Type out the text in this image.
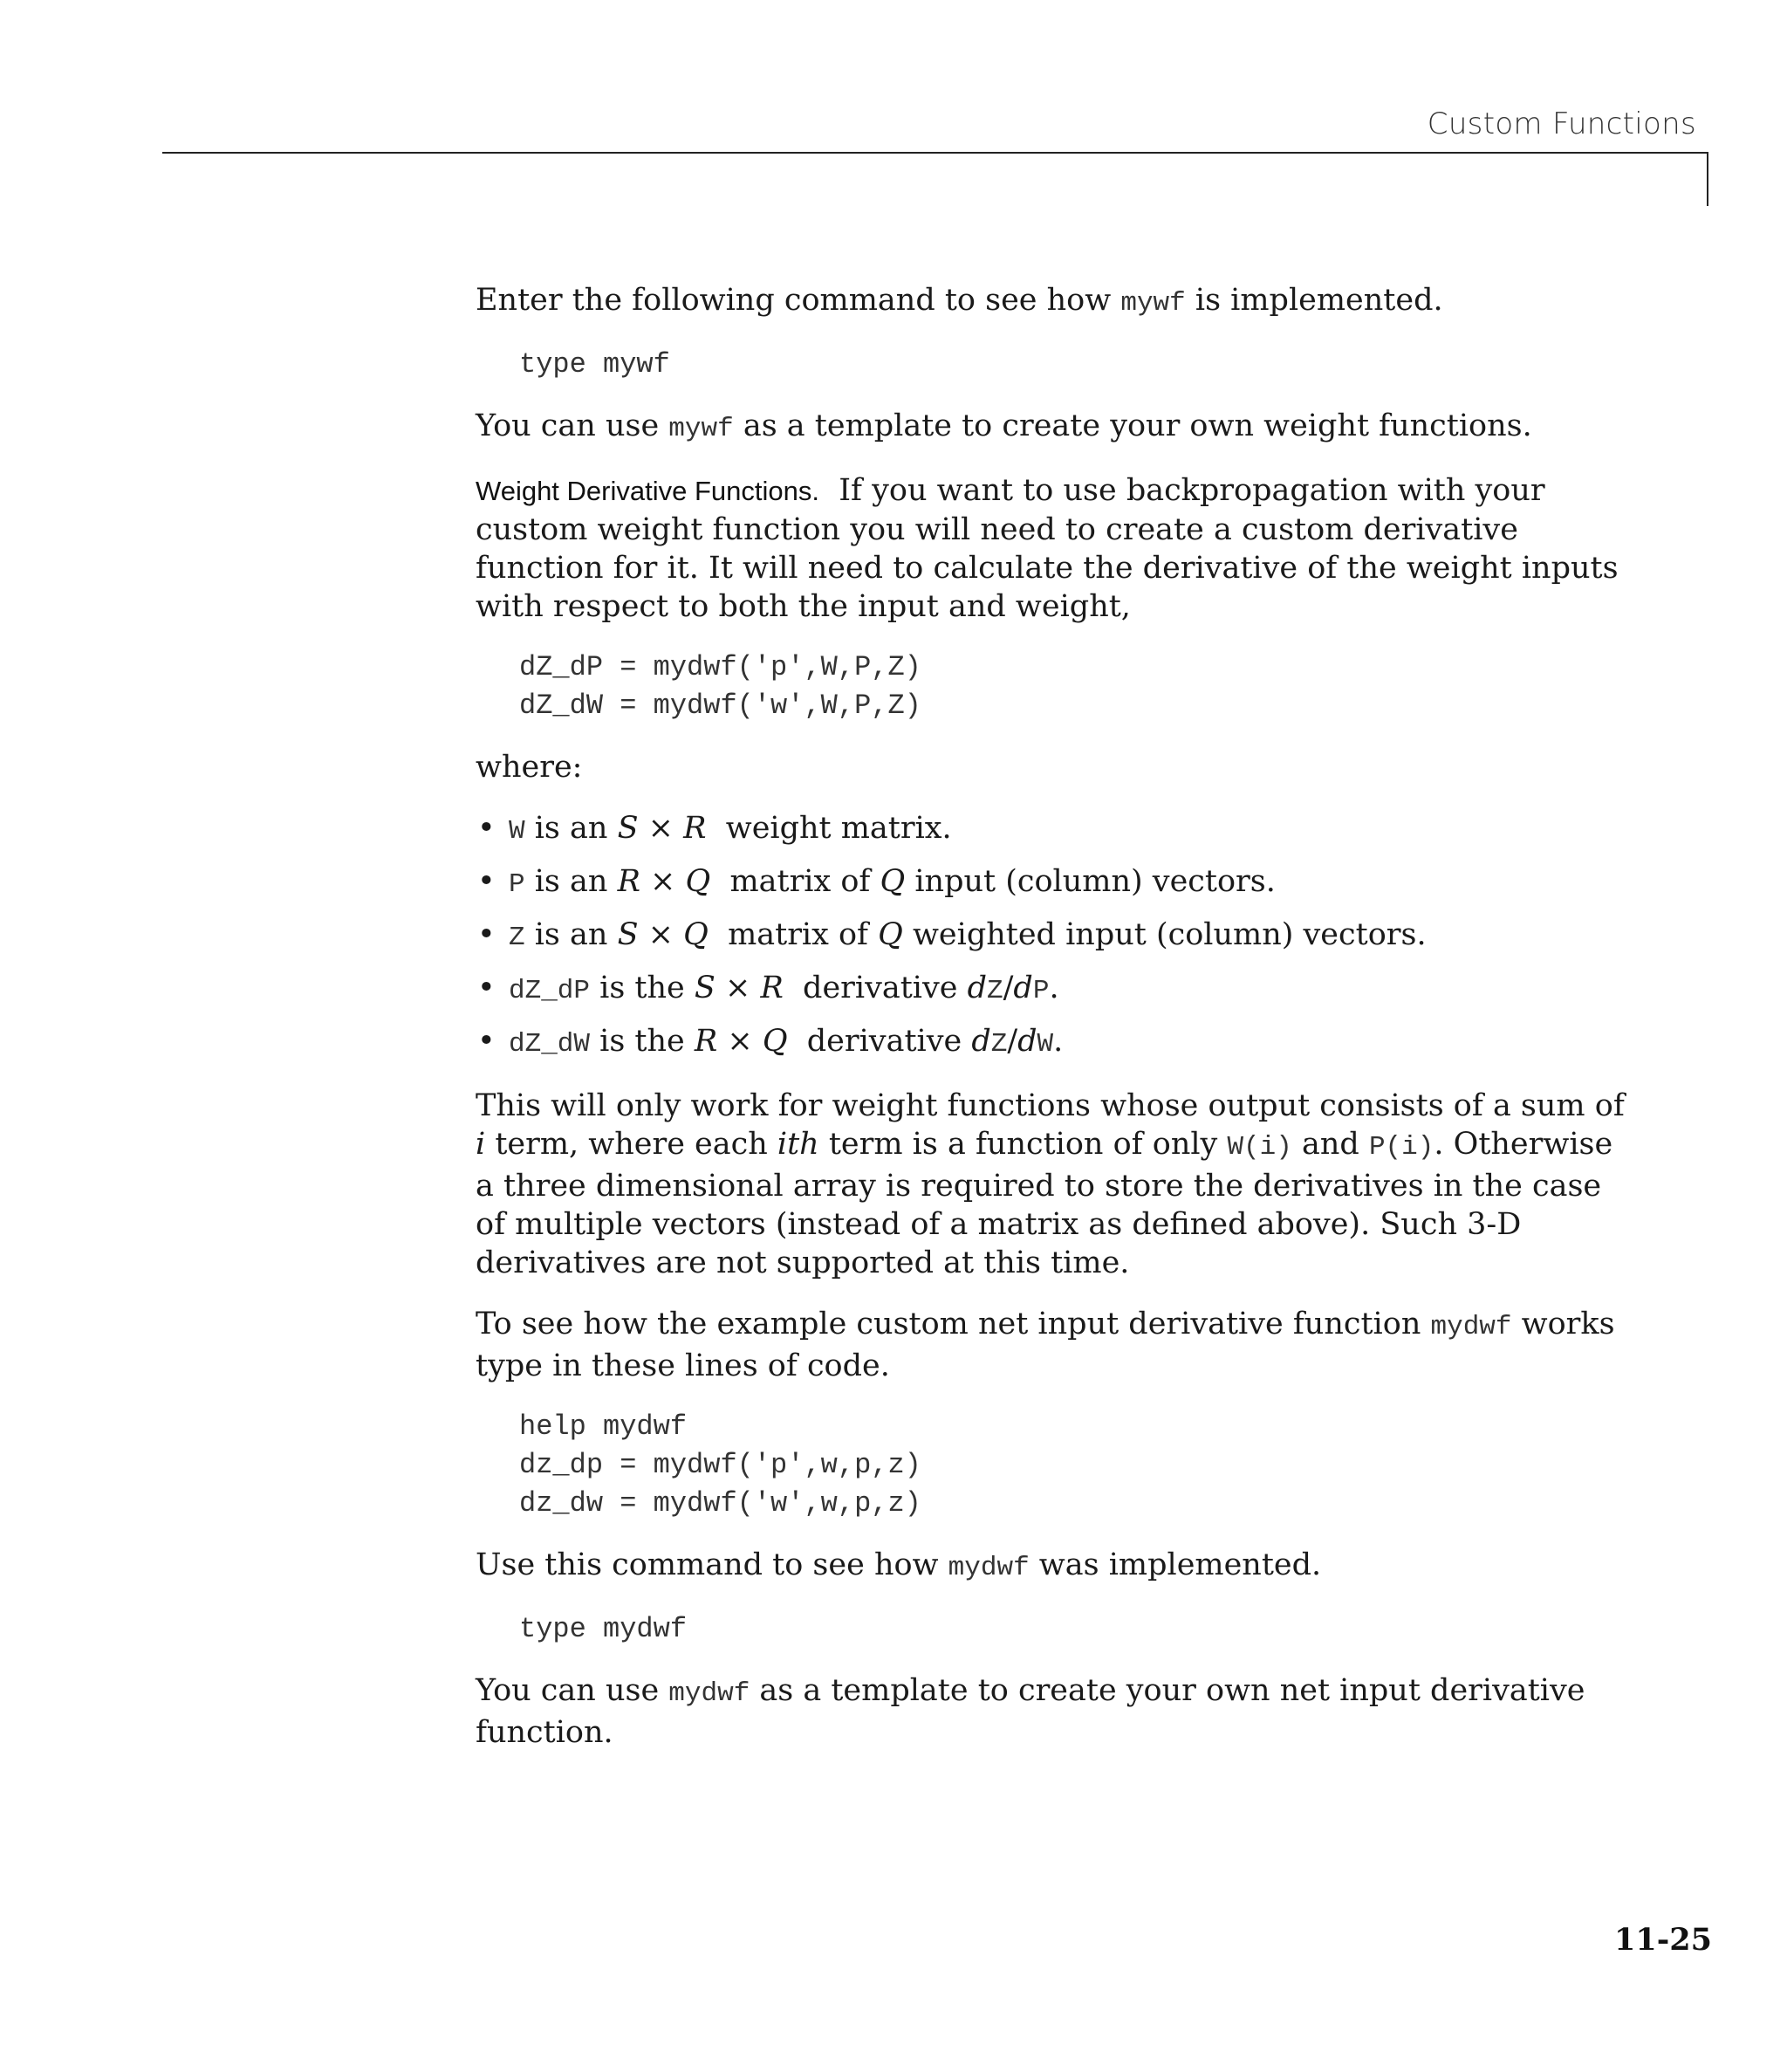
Custom Functions

Enter the following command to see how mywf is implemented.

type mywf

You can use mywf as a template to create your own weight functions.

Weight Derivative Functions.  If you want to use backpropagation with your custom weight function you will need to create a custom derivative function for it. It will need to calculate the derivative of the weight inputs with respect to both the input and weight,

dZ_dP = mydwf('p',W,P,Z)
dZ_dW = mydwf('w',W,P,Z)

where:

• W is an S × R  weight matrix.
• P is an R × Q  matrix of Q input (column) vectors.
• Z is an S × Q  matrix of Q weighted input (column) vectors.
• dZ_dP is the S × R  derivative dZ/dP.
• dZ_dW is the R × Q  derivative dZ/dW.

This will only work for weight functions whose output consists of a sum of i term, where each ith term is a function of only W(i) and P(i). Otherwise a three dimensional array is required to store the derivatives in the case of multiple vectors (instead of a matrix as defined above). Such 3-D derivatives are not supported at this time.

To see how the example custom net input derivative function mydwf works type in these lines of code.

help mydwf
dz_dp = mydwf('p',w,p,z)
dz_dw = mydwf('w',w,p,z)

Use this command to see how mydwf was implemented.

type mydwf

You can use mydwf as a template to create your own net input derivative function.

11-25
